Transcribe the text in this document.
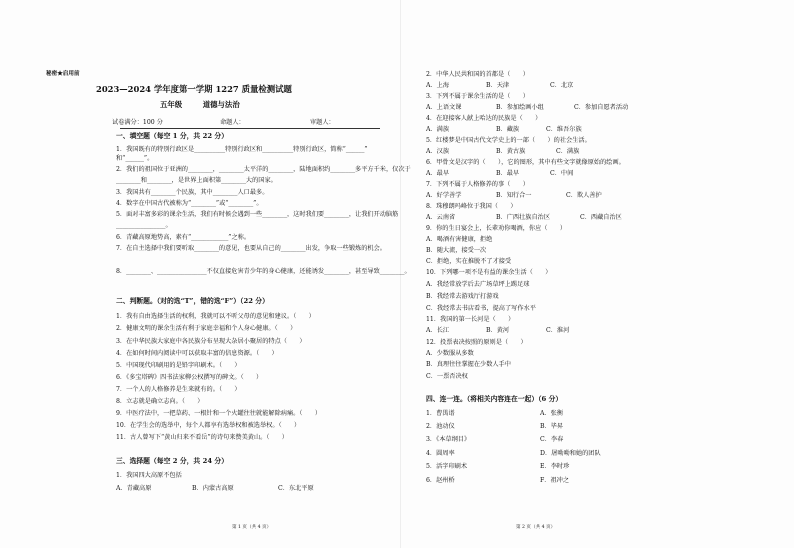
秘密★启用前
2023—2024 学年度第一学期 1227 质量检测试题
五年级        道德与法治
试卷满分：100 分	命题人：	审题人：
一、填空题（每空 1 分，共 22 分）
1．我国既有的特别行政区是__________特别行政区和__________特别行政区，简称“______”
和“______”。
2．我们的祖国位于亚洲的________，________太平洋的________，陆地面积约________多平方千米，仅次于
________和________，是世界上面积第________大的国家。
3．我国共有________个民族，其中________人口最多。
4．数字在中国古代被称为“________”或“________”。
5．面对丰富多彩的课余生活，我们有时候会遇到一些________，这时我们要________，让我们开动脑筋
________________。
6．青藏高原地势高，素有“____________”之称。
7．在自主选择中我们要听取________的意见，也要从自己的________出发，争取一些锻炼的机会。
8．________、________________不仅直接危害青少年的身心健康，还能诱发________，甚至导致________。
二、判断题。（对的选“T”，错的选“F”）（22 分）
1．我有自由选择生活的权利，我就可以不听父母的意见和建议。（　　）
2．健康文明的课余生活有利于家庭幸福和个人身心健康。（　　）
3．在中华民族大家庭中各民族分布呈现大杂居小聚居的特点（　　）
4．在如何时间内阅读中可以获取丰富的信息资源。（　　）
5．中国现代印刷用的是铅字印刷术。（　　）
6．《多宝塔碑》四书法家柳公权撰写的碑文。（　　）
7．一个人的人格修养是生来就有的。（　　）
8．立志就是确立志向。（　　）
9．中医疗法中，一把草药、一根针和一个火罐往往就能解除病痛。（　　）
10．在学生会的选举中，每个人都享有选举权和被选举权。（　　）
11．古人曾写下“黄山归来不看岳”的诗句来赞美黄山。（　　）
三、选择题（每空 2 分，共 24 分）
1．我国四大高原不包括
A．青藏高原	B．内蒙古高原	C．东北平原
第 1 页（共 4 页）
2．中华人民共和国的首都是（　　）
A．上海	B．天津	C．北京
3．下列不属于课余生活的是（　　）
A．上语文课	B．参加绘画小组	C．参加自愿者活动
4．在迎接客人献上哈达的民族是（　　）
A．满族	B．藏族	C．维吾尔族
5．红楼梦是中国古代文学史上的一部（　　）的社会生活。
A．汉族	B．黄古族	C．满族
6．甲骨文是汉字的（　　），它的图形，其中有些文字就像原始的绘画。
A．最早	B．最早	C．中间
7．下列不属于人格修养的事（　　）
A．好学善学	B．知行合一	C．欺人善护
8．珠穆朗玛峰位于我国（　　）
A．云南省	B．广西壮族自治区	C．西藏自治区
9．你的生日宴会上，长辈劝你喝酒，你应（　　）
A．喝酒有害健康，拒绝
B．随大流，接受一次
C．拒绝，实在推脱不了才接受
10．下列哪一项不是有益的课余生活（　　）
A．我经常放学后去广场草坪上踢足球
B．我经常去游戏厅打游戏
C．我经常去书店看书，提高了写作水平
11．我国的第一长河是（　　）
A．长江	B．黄河	C．淮河
12．投票表决按照的原则是（　　）
A．少数服从多数
B．真理往往掌握在少数人手中
C．一票否决权
四、连一连。（将相关内容连在一起）（6 分）
1．曹禺谱
2．池动仪
3．《本草纲目》
4．圆周率
5．活字印刷术
6．赵州桥
A．张衡
B．毕昇
C．李春
D．屠呦呦和她的团队
E．李时珍
F．祖冲之
第 2 页（共 4 页）
